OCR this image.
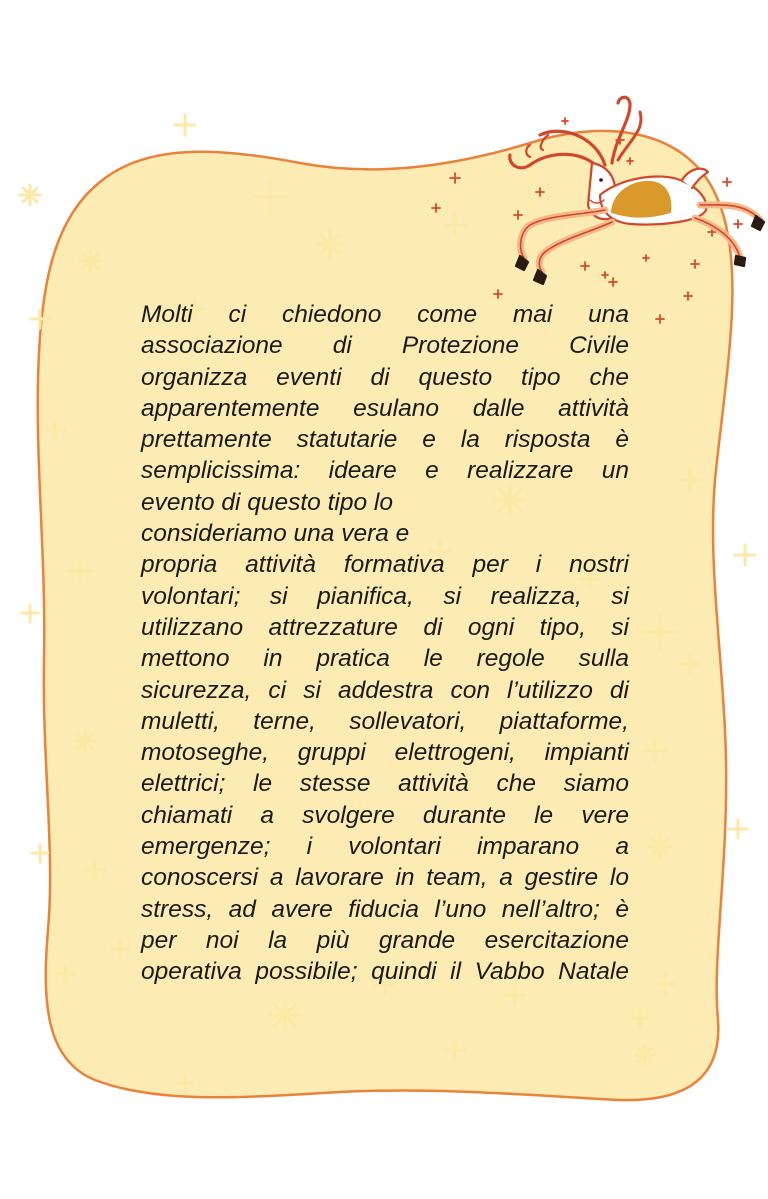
Molti ci chiedono come mai una
associazione di Protezione Civile
organizza eventi di questo tipo che
apparentemente esulano dalle attività
prettamente statutarie e la risposta è
semplicissima: ideare e realizzare un
evento di questo tipo lo
consideriamo una vera e
propria attività formativa per i nostri
volontari; si pianifica, si realizza, si
utilizzano attrezzature di ogni tipo, si
mettono in pratica le regole sulla
sicurezza, ci si addestra con l’utilizzo di
muletti, terne, sollevatori, piattaforme,
motoseghe, gruppi elettrogeni, impianti
elettrici; le stesse attività che siamo
chiamati a svolgere durante le vere
emergenze; i volontari imparano a
conoscersi a lavorare in team, a gestire lo
stress, ad avere fiducia l’uno nell’altro; è
per noi la più grande esercitazione
operativa possibile; quindi il Vabbo Natale
